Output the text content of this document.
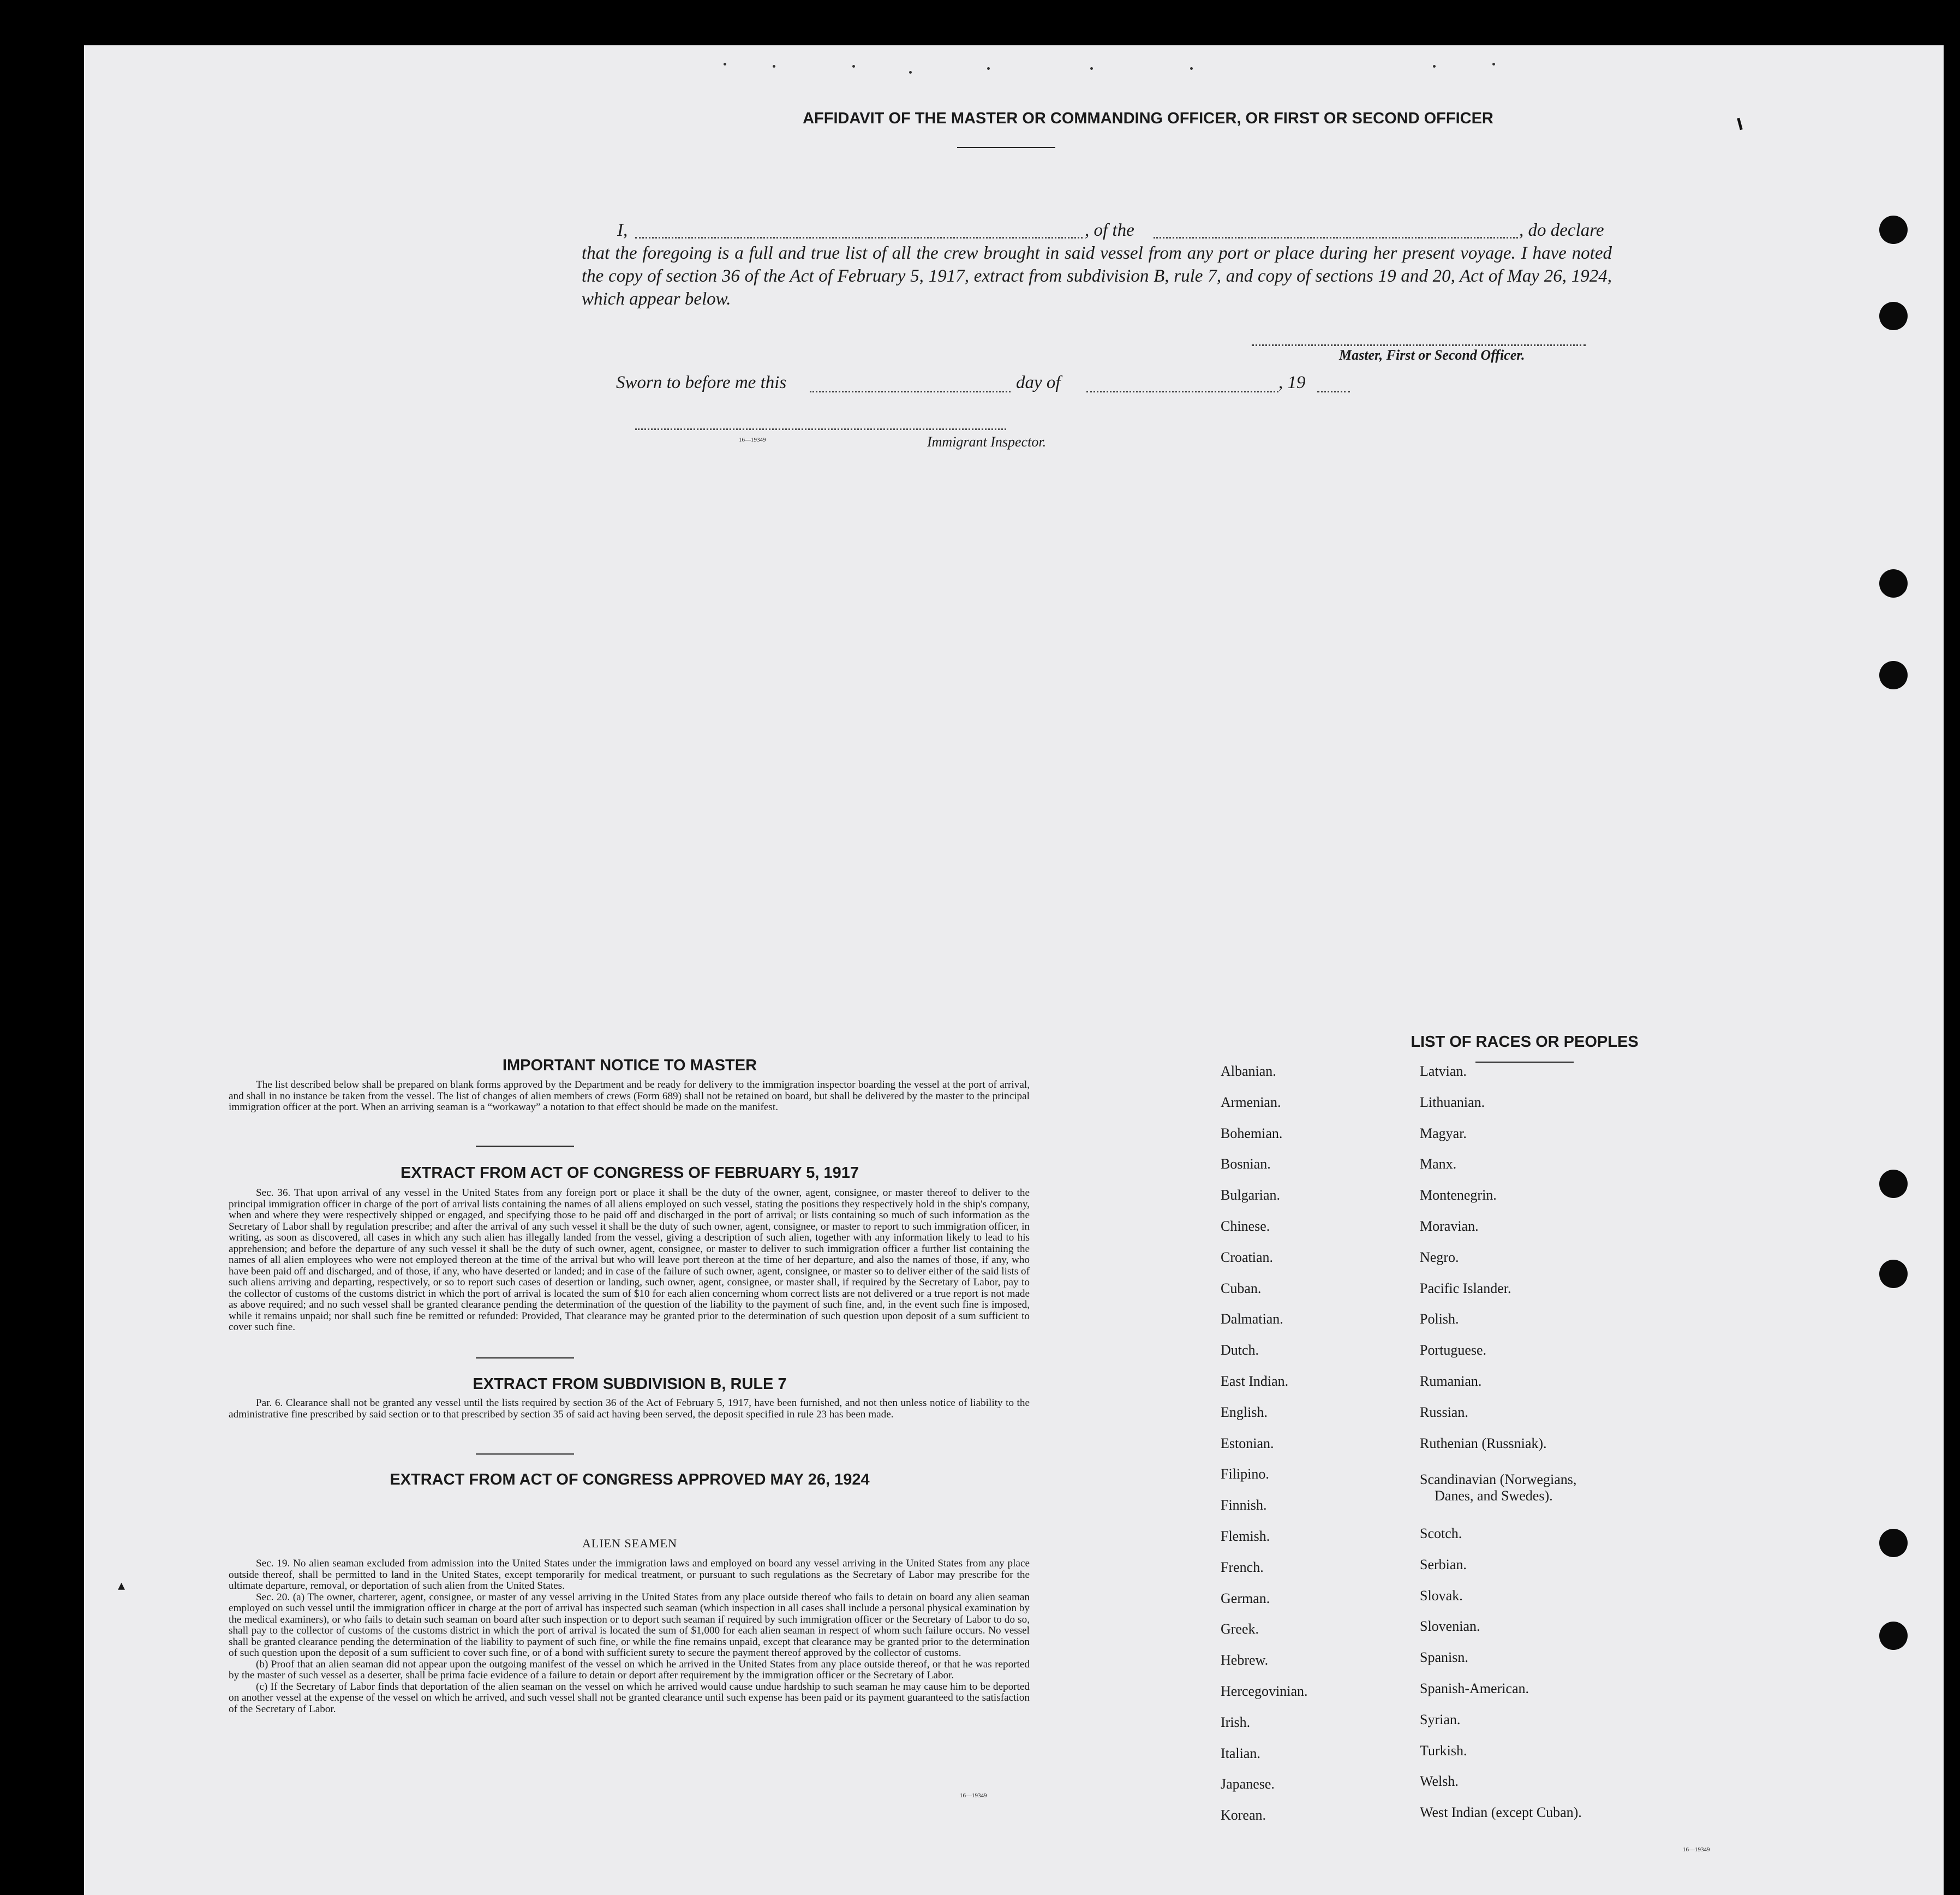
AFFIDAVIT OF THE MASTER OR COMMANDING OFFICER, OR FIRST OR SECOND OFFICER
I,	, of the	, do declare
that the foregoing is a full and true list of all the crew brought in said vessel from any port or place during her present voyage. I have noted the copy of section 36 of the Act of February 5, 1917, extract from subdivision B, rule 7, and copy of sections 19 and 20, Act of May 26, 1924, which appear below.
Master, First or Second Officer.
Sworn to before me this	day of	, 19
16—19349	Immigrant Inspector.
IMPORTANT NOTICE TO MASTER

The list described below shall be prepared on blank forms approved by the Department and be ready for delivery to the immigration inspector boarding the vessel at the port of arrival, and shall in no instance be taken from the vessel. The list of changes of alien members of crews (Form 689) shall not be retained on board, but shall be delivered by the master to the principal immigration officer at the port. When an arriving seaman is a “workaway” a notation to that effect should be made on the manifest.

EXTRACT FROM ACT OF CONGRESS OF FEBRUARY 5, 1917

Sec. 36. That upon arrival of any vessel in the United States from any foreign port or place it shall be the duty of the owner, agent, consignee, or master thereof to deliver to the principal immigration officer in charge of the port of arrival lists containing the names of all aliens employed on such vessel, stating the positions they respectively hold in the ship's company, when and where they were respectively shipped or engaged, and specifying those to be paid off and discharged in the port of arrival; or lists containing so much of such information as the Secretary of Labor shall by regulation prescribe; and after the arrival of any such vessel it shall be the duty of such owner, agent, consignee, or master to report to such immigration officer, in writing, as soon as discovered, all cases in which any such alien has illegally landed from the vessel, giving a description of such alien, together with any information likely to lead to his apprehension; and before the departure of any such vessel it shall be the duty of such owner, agent, consignee, or master to deliver to such immigration officer a further list containing the names of all alien employees who were not employed thereon at the time of the arrival but who will leave port thereon at the time of her departure, and also the names of those, if any, who have been paid off and discharged, and of those, if any, who have deserted or landed; and in case of the failure of such owner, agent, consignee, or master so to deliver either of the said lists of such aliens arriving and departing, respectively, or so to report such cases of desertion or landing, such owner, agent, consignee, or master shall, if required by the Secretary of Labor, pay to the collector of customs of the customs district in which the port of arrival is located the sum of $10 for each alien concerning whom correct lists are not delivered or a true report is not made as above required; and no such vessel shall be granted clearance pending the determination of the question of the liability to the payment of such fine, and, in the event such fine is imposed, while it remains unpaid; nor shall such fine be remitted or refunded: Provided, That clearance may be granted prior to the determination of such question upon deposit of a sum sufficient to cover such fine.

EXTRACT FROM SUBDIVISION B, RULE 7

Par. 6. Clearance shall not be granted any vessel until the lists required by section 36 of the Act of February 5, 1917, have been furnished, and not then unless notice of liability to the administrative fine prescribed by said section or to that prescribed by section 35 of said act having been served, the deposit specified in rule 23 has been made.

EXTRACT FROM ACT OF CONGRESS APPROVED MAY 26, 1924
ALIEN SEAMEN

Sec. 19. No alien seaman excluded from admission into the United States under the immigration laws and employed on board any vessel arriving in the United States from any place outside thereof, shall be permitted to land in the United States, except temporarily for medical treatment, or pursuant to such regulations as the Secretary of Labor may prescribe for the ultimate departure, removal, or deportation of such alien from the United States.

Sec. 20. (a) The owner, charterer, agent, consignee, or master of any vessel arriving in the United States from any place outside thereof who fails to detain on board any alien seaman employed on such vessel until the immigration officer in charge at the port of arrival has inspected such seaman (which inspection in all cases shall include a personal physical examination by the medical examiners), or who fails to detain such seaman on board after such inspection or to deport such seaman if required by such immigration officer or the Secretary of Labor to do so, shall pay to the collector of customs of the customs district in which the port of arrival is located the sum of $1,000 for each alien seaman in respect of whom such failure occurs. No vessel shall be granted clearance pending the determination of the liability to payment of such fine, or while the fine remains unpaid, except that clearance may be granted prior to the determination of such question upon the deposit of a sum sufficient to cover such fine, or of a bond with sufficient surety to secure the payment thereof approved by the collector of customs.

(b) Proof that an alien seaman did not appear upon the outgoing manifest of the vessel on which he arrived in the United States from any place outside thereof, or that he was reported by the master of such vessel as a deserter, shall be prima facie evidence of a failure to detain or deport after requirement by the immigration officer or the Secretary of Labor.

(c) If the Secretary of Labor finds that deportation of the alien seaman on the vessel on which he arrived would cause undue hardship to such seaman he may cause him to be deported on another vessel at the expense of the vessel on which he arrived, and such vessel shall not be granted clearance until such expense has been paid or its payment guaranteed to the satisfaction of the Secretary of Labor.

▴
16—19349
LIST OF RACES OR PEOPLES
Albanian.
Armenian.
Bohemian.
Bosnian.
Bulgarian.
Chinese.
Croatian.
Cuban.
Dalmatian.
Dutch.
East Indian.
English.
Estonian.
Filipino.
Finnish.
Flemish.
French.
German.
Greek.
Hebrew.
Hercegovinian.
Irish.
Italian.
Japanese.
Korean.
Latvian.
Lithuanian.
Magyar.
Manx.
Montenegrin.
Moravian.
Negro.
Pacific Islander.
Polish.
Portuguese.
Rumanian.
Russian.
Ruthenian (Russniak).
Scandinavian (Norwegians,
Danes, and Swedes).
Scotch.
Serbian.
Slovak.
Slovenian.
Spanisn.
Spanish-American.
Syrian.
Turkish.
Welsh.
West Indian (except Cuban).
16—19349
